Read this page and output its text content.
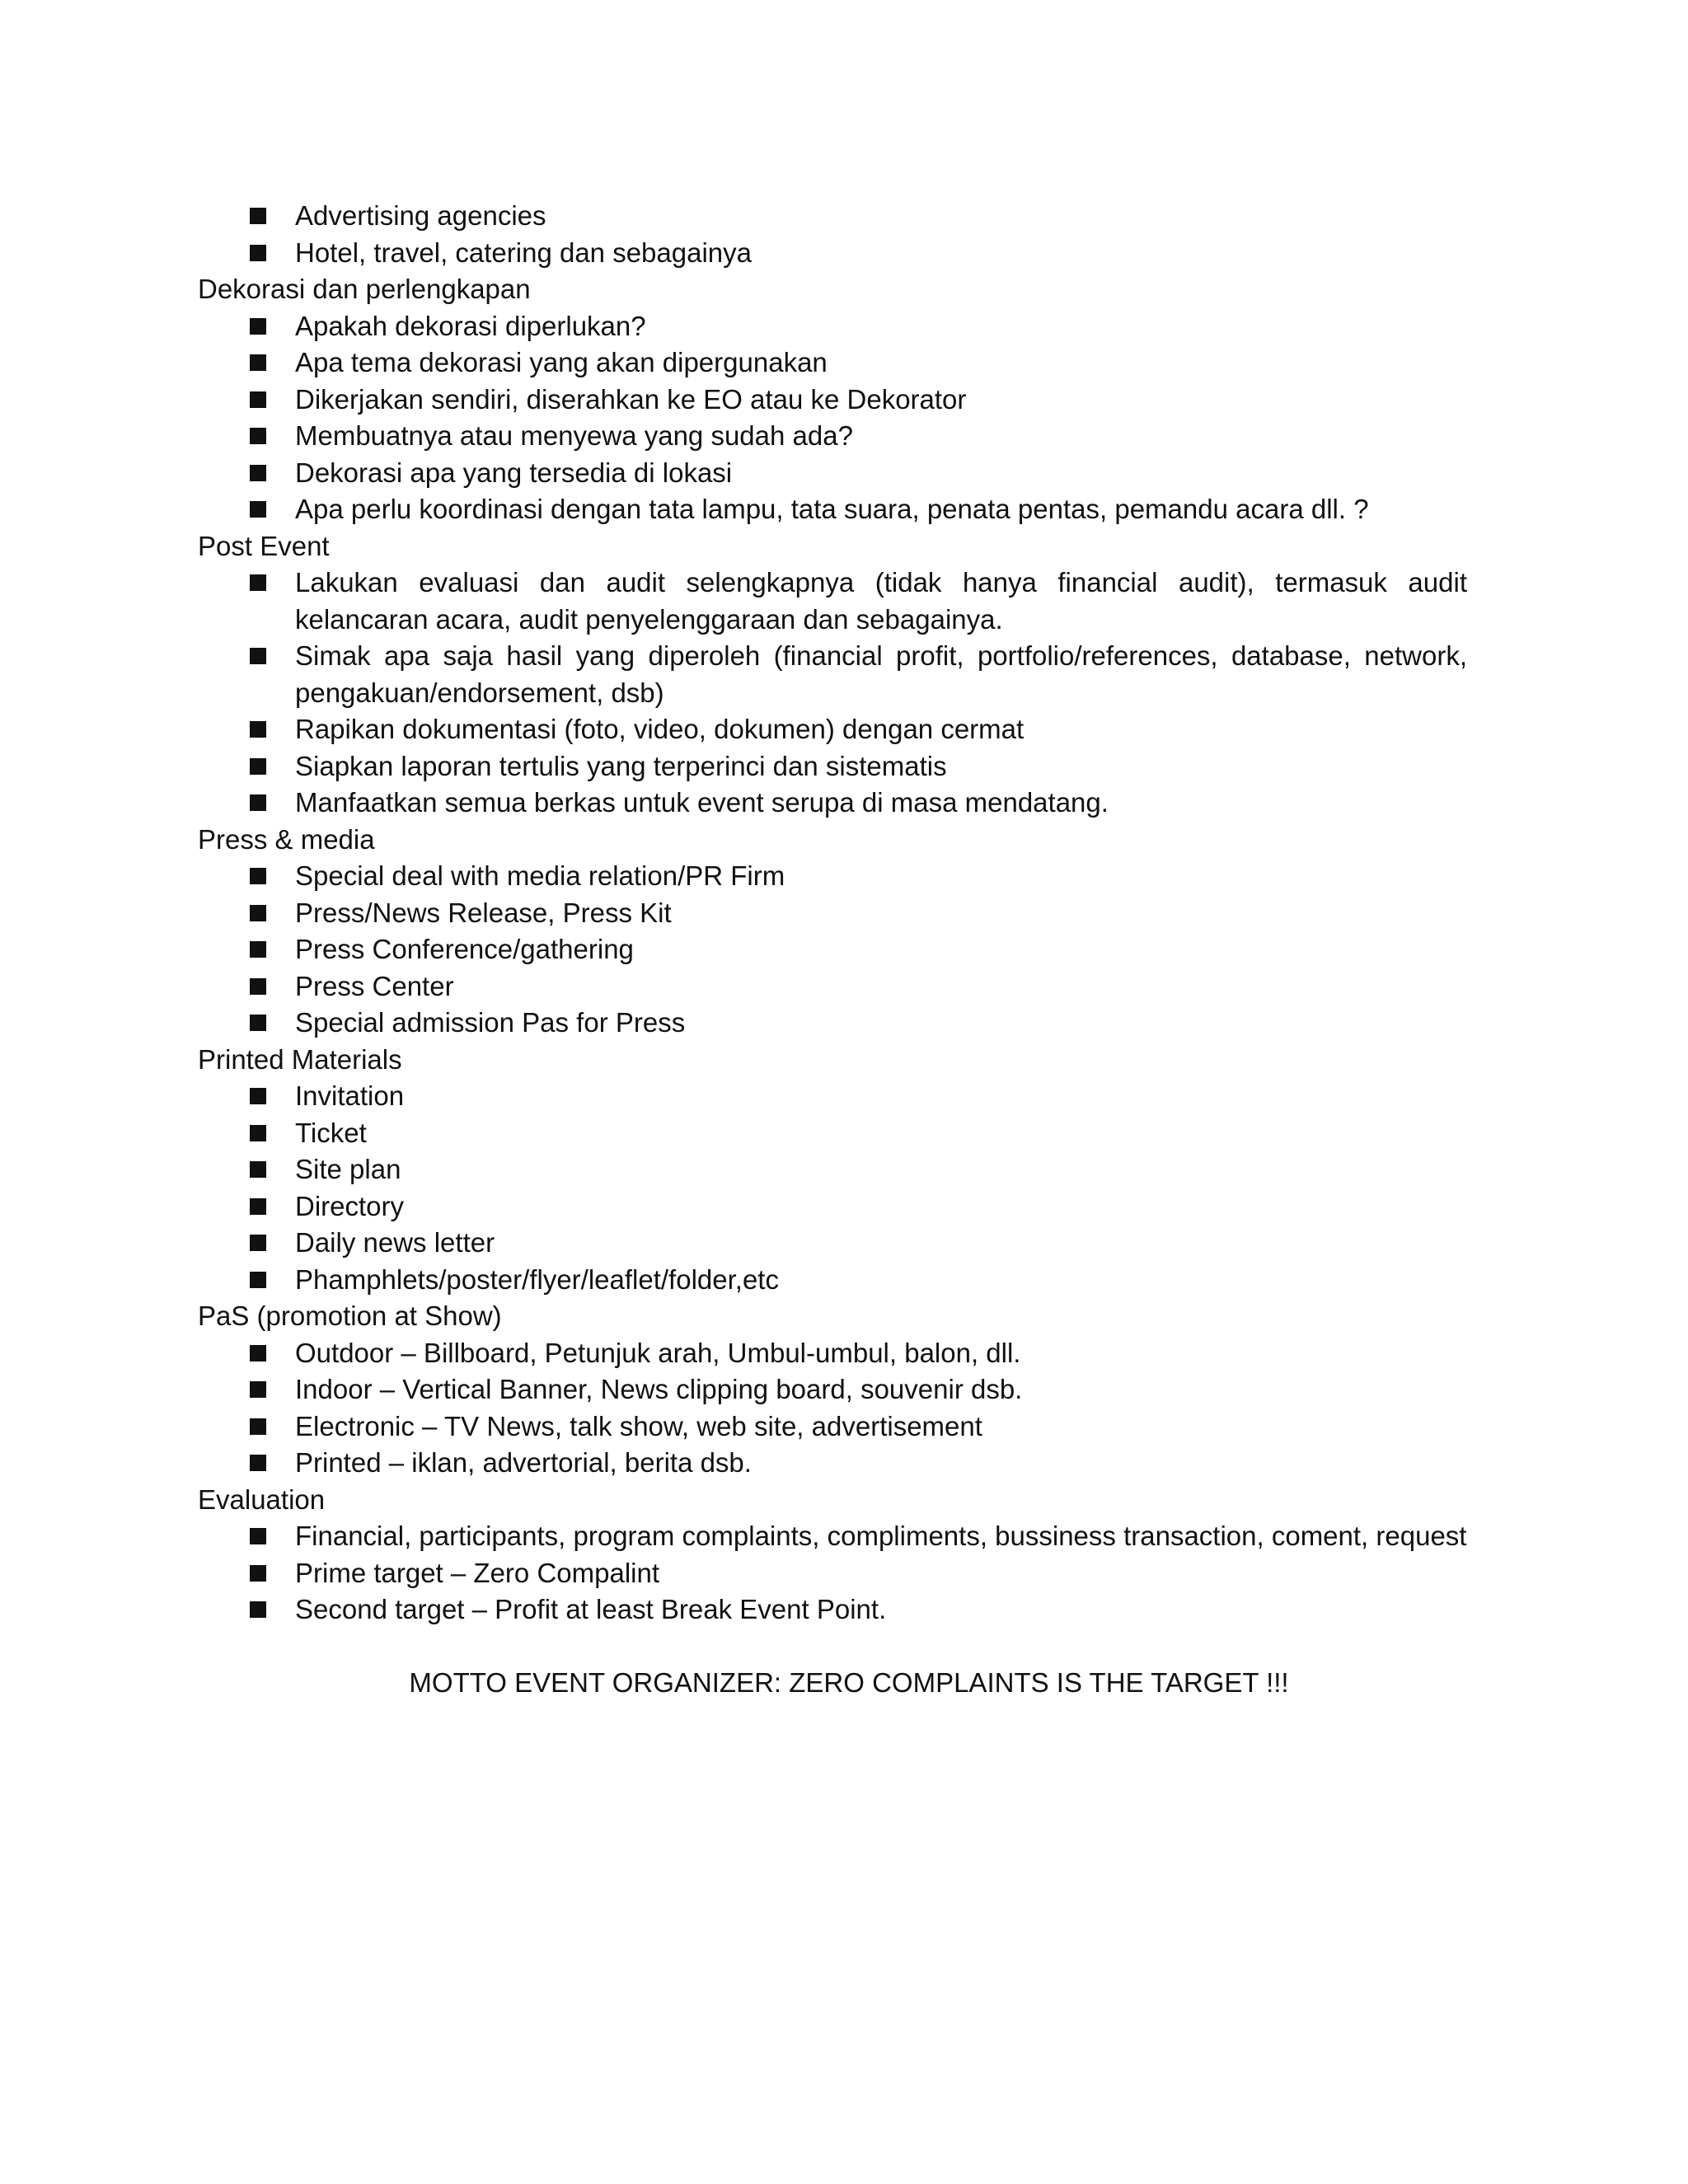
Advertising agencies
Hotel, travel, catering dan sebagainya
Dekorasi dan perlengkapan
Apakah dekorasi diperlukan?
Apa tema dekorasi yang akan dipergunakan
Dikerjakan sendiri, diserahkan ke EO atau ke Dekorator
Membuatnya atau menyewa yang sudah ada?
Dekorasi apa yang tersedia di lokasi
Apa perlu koordinasi dengan tata lampu, tata suara, penata pentas, pemandu acara dll. ?
Post Event
Lakukan evaluasi dan audit selengkapnya (tidak hanya financial audit), termasuk audit kelancaran acara, audit penyelenggaraan dan sebagainya.
Simak apa saja hasil yang diperoleh (financial profit, portfolio/references, database, network, pengakuan/endorsement, dsb)
Rapikan dokumentasi (foto, video, dokumen) dengan cermat
Siapkan laporan tertulis yang terperinci dan sistematis
Manfaatkan semua berkas untuk event serupa di masa mendatang.
Press & media
Special deal with media relation/PR Firm
Press/News Release, Press Kit
Press Conference/gathering
Press Center
Special admission Pas for Press
Printed Materials
Invitation
Ticket
Site plan
Directory
Daily news letter
Phamphlets/poster/flyer/leaflet/folder,etc
PaS (promotion at Show)
Outdoor – Billboard, Petunjuk arah, Umbul-umbul, balon, dll.
Indoor – Vertical Banner, News clipping board, souvenir dsb.
Electronic – TV News, talk show, web site, advertisement
Printed – iklan, advertorial, berita dsb.
Evaluation
Financial, participants, program complaints, compliments, bussiness transaction, coment, request
Prime target – Zero Compalint
Second target – Profit at least Break Event Point.
MOTTO EVENT ORGANIZER: ZERO COMPLAINTS IS THE TARGET !!!
